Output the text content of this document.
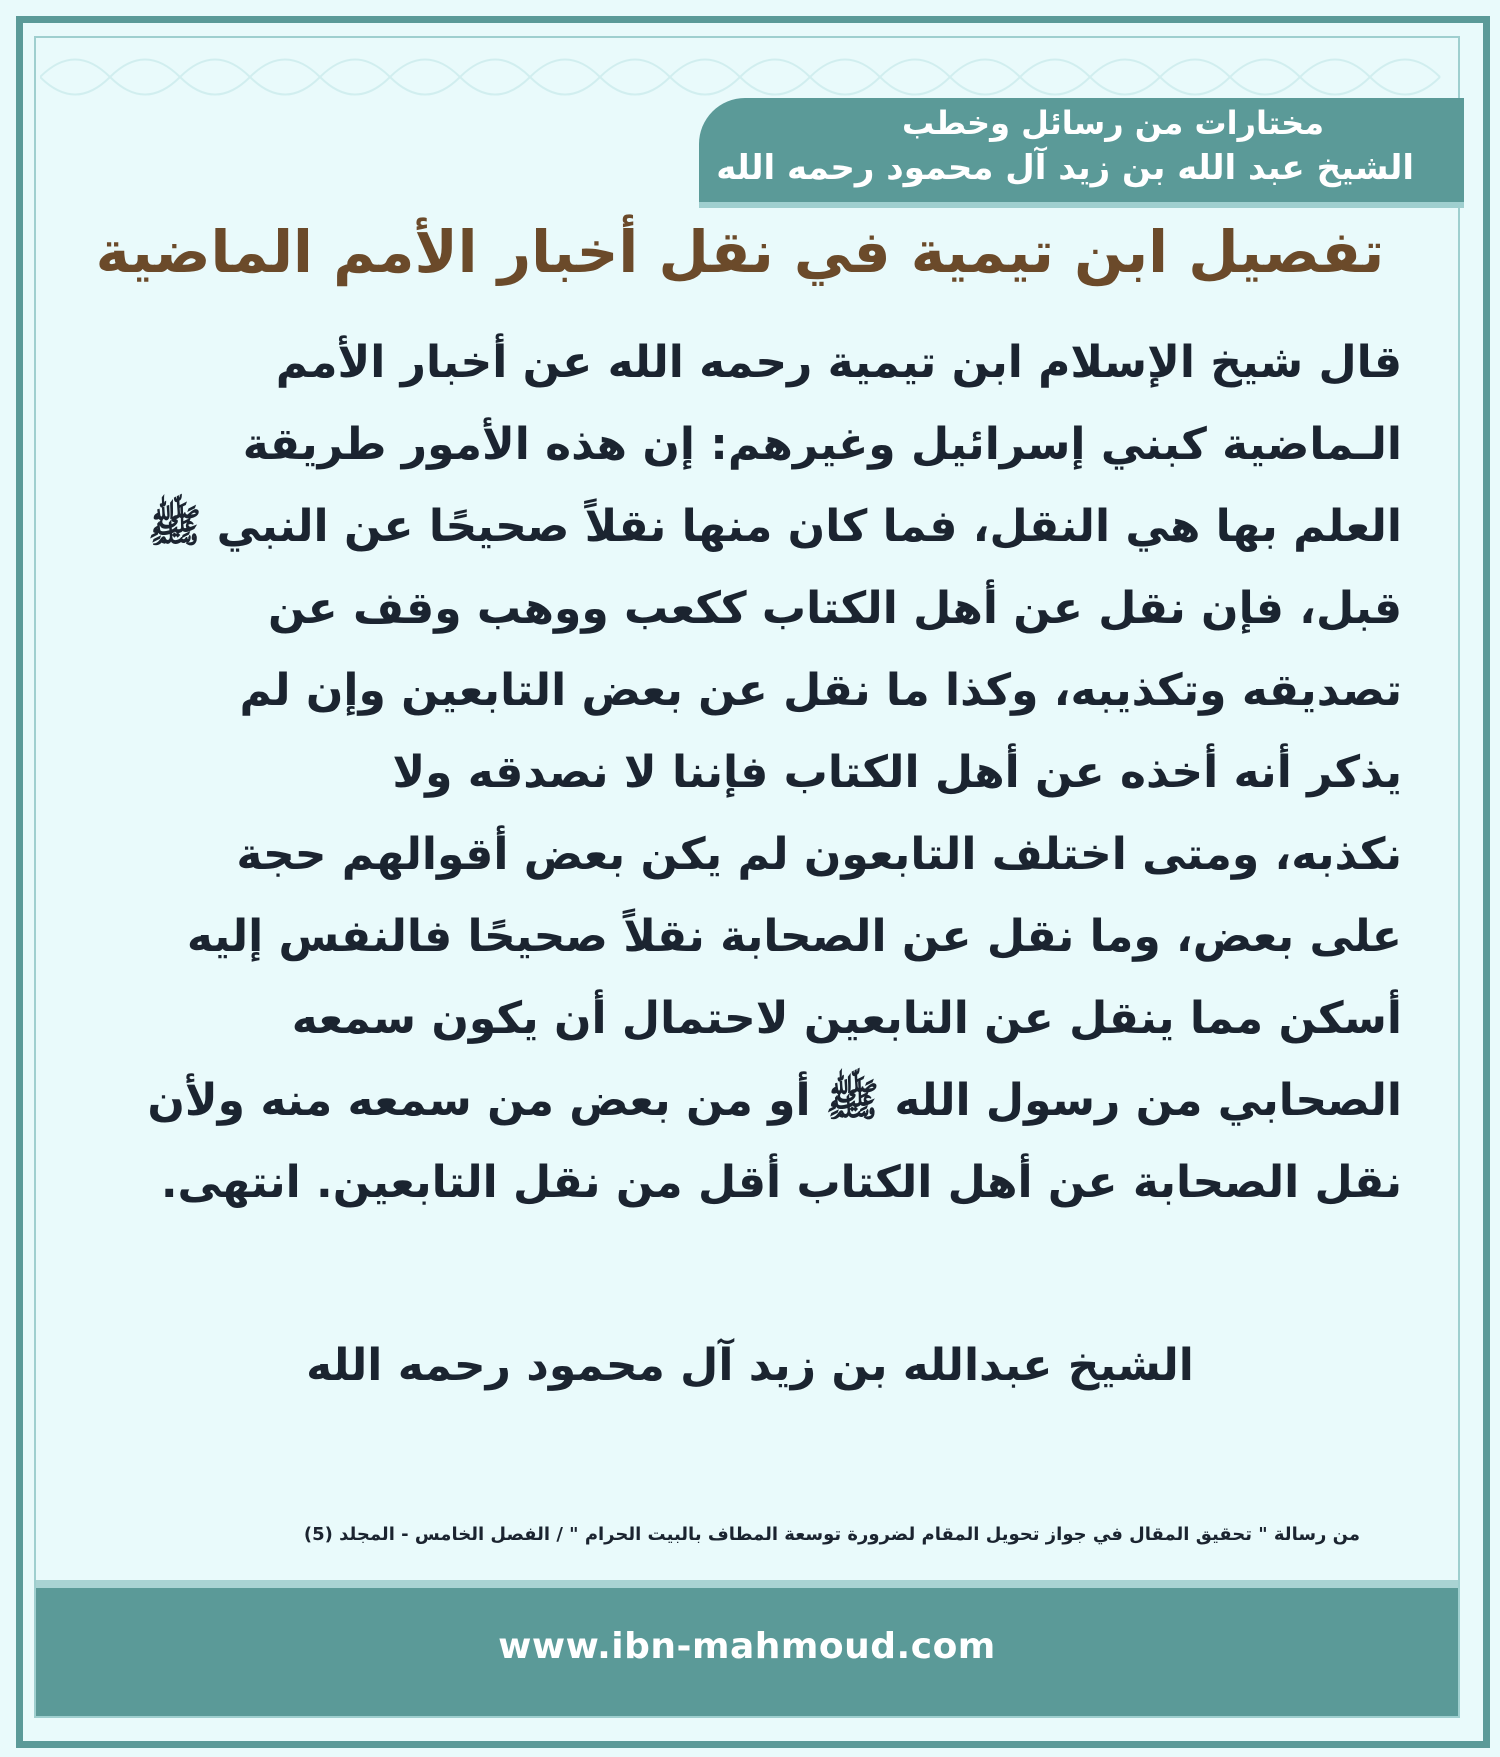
مختارات من رسائل وخطب
الشيخ عبد الله بن زيد آل محمود رحمه الله
تفصيل ابن تيمية في نقل أخبار الأمم الماضية
قال شيخ الإسلام ابن تيمية رحمه الله عن أخبار الأمم
الـماضية كبني إسرائيل وغيرهم: إن هذه الأمور طريقة
العلم بها هي النقل، فما كان منها نقلاً صحيحًا عن النبي ﷺ
قبل، فإن نقل عن أهل الكتاب ككعب ووهب وقف عن
تصديقه وتكذيبه، وكذا ما نقل عن بعض التابعين وإن لم
يذكر أنه أخذه عن أهل الكتاب فإننا لا نصدقه ولا
نكذبه، ومتى اختلف التابعون لم يكن بعض أقوالهم حجة
على بعض، وما نقل عن الصحابة نقلاً صحيحًا فالنفس إليه
أسكن مما ينقل عن التابعين لاحتمال أن يكون سمعه
الصحابي من رسول الله ﷺ أو من بعض من سمعه منه ولأن
نقل الصحابة عن أهل الكتاب أقل من نقل التابعين. انتهى.
الشيخ عبدالله بن زيد آل محمود رحمه الله
من رسالة " تحقيق المقال في جواز تحويل المقام لضرورة توسعة المطاف بالبيت الحرام " / الفصل الخامس - المجلد (5)
www.ibn-mahmoud.com
